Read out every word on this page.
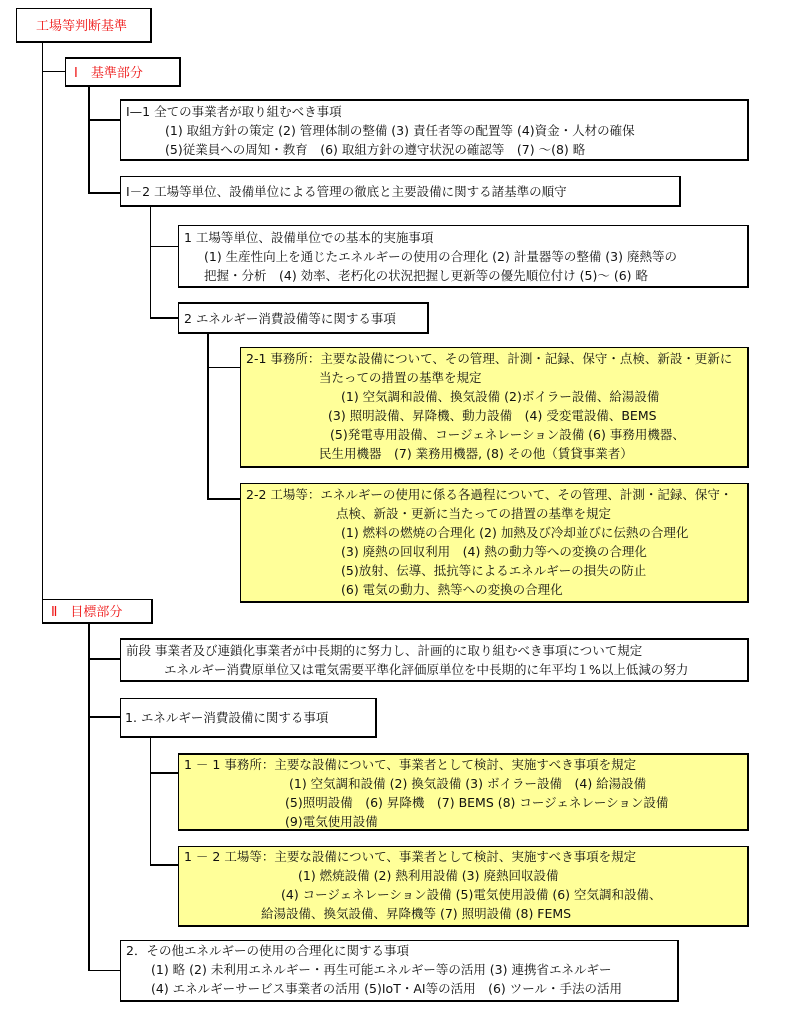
工場等判断基準
Ⅰ　基準部分
Ⅰ—1 全ての事業者が取り組むべき事項
(1) 取組方針の策定 (2) 管理体制の整備 (3) 責任者等の配置等 (4)資金・人材の確保
(5)従業員への周知・教育　(6) 取組方針の遵守状況の確認等　(7) ～(8) 略
Ⅰ－2 工場等単位、設備単位による管理の徹底と主要設備に関する諸基準の順守
1 工場等単位、設備単位での基本的実施事項
(1) 生産性向上を通じたエネルギーの使用の合理化 (2) 計量器等の整備 (3) 廃熱等の
把握・分析　(4) 効率、老朽化の状況把握し更新等の優先順位付け (5)～ (6) 略
2 エネルギー消費設備等に関する事項
2-1 事務所：主要な設備について、その管理、計測・記録、保守・点検、新設・更新に
当たっての措置の基準を規定
(1) 空気調和設備、換気設備 (2)ボイラー設備、給湯設備
(3) 照明設備、昇降機、動力設備　(4) 受変電設備、BEMS
(5)発電専用設備、コージェネレーション設備 (6) 事務用機器、
民生用機器　(7) 業務用機器, (8) その他（賃貸事業者）
2-2 工場等：エネルギーの使用に係る各過程について、その管理、計測・記録、保守・
点検、新設・更新に当たっての措置の基準を規定
(1) 燃料の燃焼の合理化 (2) 加熱及び冷却並びに伝熱の合理化
(3) 廃熱の回収利用　(4) 熱の動力等への変換の合理化
(5)放射、伝導、抵抗等によるエネルギーの損失の防止
(6) 電気の動力、熱等への変換の合理化
Ⅱ　目標部分
前段 事業者及び連鎖化事業者が中長期的に努力し、計画的に取り組むべき事項について規定
エネルギー消費原単位又は電気需要平準化評価原単位を中長期的に年平均１%以上低減の努力
1. エネルギー消費設備に関する事項
1 － 1 事務所：主要な設備について、事業者として検討、実施すべき事項を規定
(1) 空気調和設備 (2) 換気設備 (3) ボイラー設備　(4) 給湯設備
(5)照明設備　(6) 昇降機　(7) BEMS (8) コージェネレーション設備
(9)電気使用設備
1 － 2 工場等：主要な設備について、事業者として検討、実施すべき事項を規定
(1) 燃焼設備 (2) 熱利用設備 (3) 廃熱回収設備
(4) コージェネレーション設備 (5)電気使用設備 (6) 空気調和設備、
給湯設備、換気設備、昇降機等 (7) 照明設備 (8) FEMS
2．その他エネルギーの使用の合理化に関する事項
(1) 略 (2) 未利用エネルギー・再生可能エネルギー等の活用 (3) 連携省エネルギー
(4) エネルギーサービス事業者の活用 (5)IoT・AI等の活用　(6) ツール・手法の活用
